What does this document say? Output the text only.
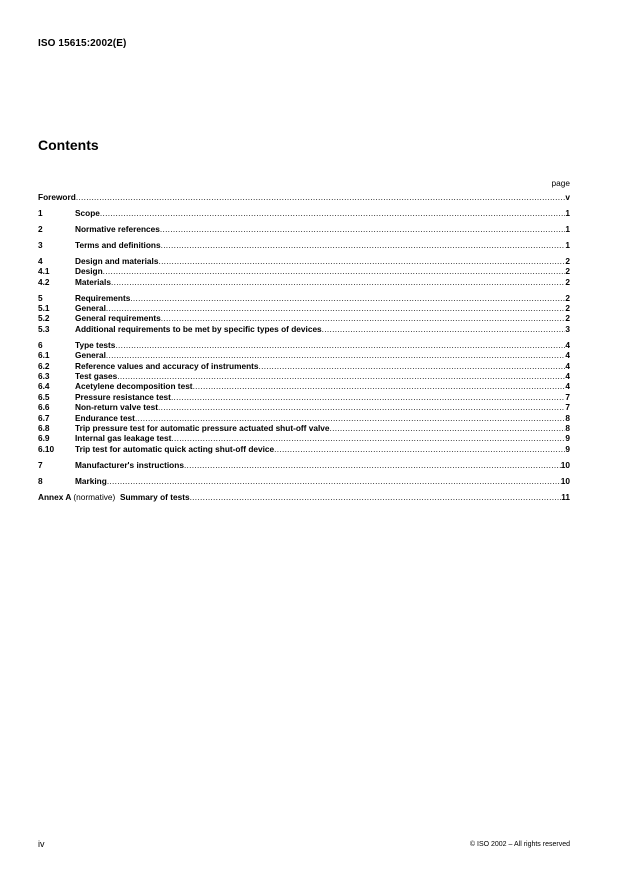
ISO 15615:2002(E)
Contents
page
Foreword .....	v
1	Scope .....	1
2	Normative references .....	1
3	Terms and definitions .....	1
4	Design and materials .....	2
4.1	Design .....	2
4.2	Materials .....	2
5	Requirements .....	2
5.1	General .....	2
5.2	General requirements .....	2
5.3	Additional requirements to be met by specific types of devices .....	3
6	Type tests .....	4
6.1	General .....	4
6.2	Reference values and accuracy of instruments .....	4
6.3	Test gases .....	4
6.4	Acetylene decomposition test .....	4
6.5	Pressure resistance test .....	7
6.6	Non-return valve test .....	7
6.7	Endurance test .....	8
6.8	Trip pressure test for automatic pressure actuated shut-off valve .....	8
6.9	Internal gas leakage test .....	9
6.10	Trip test for automatic quick acting shut-off device .....	9
7	Manufacturer's instructions .....	10
8	Marking .....	10
Annex A (normative) Summary of tests .....	11
iv	© ISO 2002 – All rights reserved
